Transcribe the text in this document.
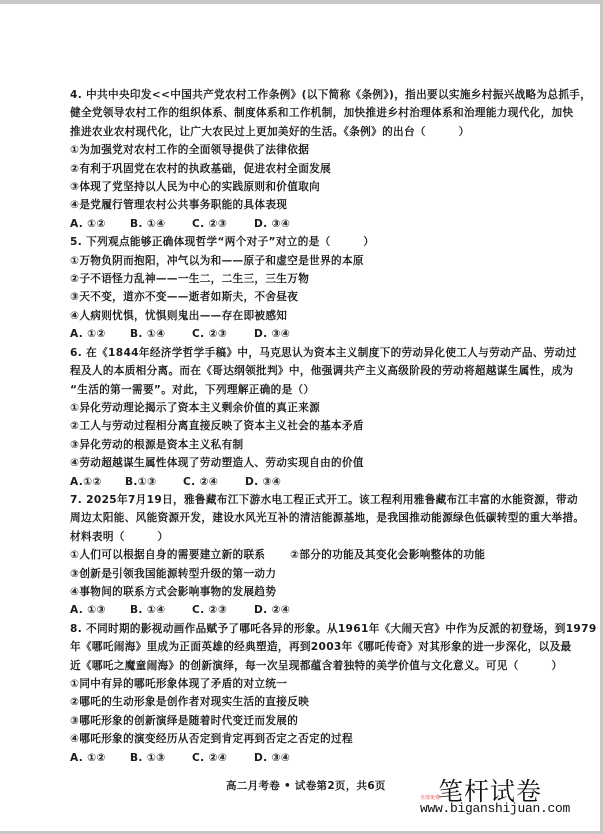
4. 中共中央印发<<中国共产党农村工作条例》(以下简称《条例》)，指出要以实施乡村振兴战略为总抓手，
健全党领导农村工作的组织体系、制度体系和工作机制，加快推进乡村治理体系和治理能力现代化，加快
推进农业农村现代化，让广大农民过上更加美好的生活。《条例》的出台（　　　）
①为加强党对农村工作的全面领导提供了法律依据
②有利于巩固党在农村的执政基础，促进农村全面发展
③体现了党坚持以人民为中心的实践原则和价值取向
④是党履行管理农村公共事务职能的具体表现
A. ①②	B. ①④	C. ②③	D. ③④
5. 下列观点能够正确体现哲学“两个对子”对立的是（　　　）
①万物负阴而抱阳，冲气以为和——原子和虚空是世界的本原
②子不语怪力乱神——一生二，二生三，三生万物
③天不变，道亦不变——逝者如斯夫，不舍昼夜
④人病则忧惧，忧惧则鬼出——存在即被感知
A. ①②	B. ①④	C. ②③	D. ③④
6. 在《1844年经济学哲学手稿》中，马克思认为资本主义制度下的劳动异化使工人与劳动产品、劳动过
程及人的本质相分离。而在《哥达纲领批判》中，他强调共产主义高级阶段的劳动将超越谋生属性，成为
“生活的第一需要”。对此，下列理解正确的是（）
①异化劳动理论揭示了资本主义剩余价值的真正来源
②工人与劳动过程相分离直接反映了资本主义社会的基本矛盾
③异化劳动的根源是资本主义私有制
④劳动超越谋生属性体现了劳动塑造人、劳动实现自由的价值
A.①②	B.①③	C. ②④	D. ③④
7. 2025年7月19日，雅鲁藏布江下游水电工程正式开工。该工程利用雅鲁藏布江丰富的水能资源，带动
周边太阳能、风能资源开发，建设水风光互补的清洁能源基地，是我国推动能源绿色低碳转型的重大举措。
材料表明（　　　）
①人们可以根据自身的需要建立新的联系	②部分的功能及其变化会影响整体的功能
③创新是引领我国能源转型升级的第一动力
④事物间的联系方式会影响事物的发展趋势
A. ①③	B. ①④	C. ②③	D. ②④
8. 不同时期的影视动画作品赋予了哪吒各异的形象。从1961年《大闹天宫》中作为反派的初登场，到1979
年《哪吒闹海》里成为正面英雄的经典塑造，再到2003年《哪吒传奇》对其形象的进一步深化，以及最
近《哪吒之魔童闹海》的创新演绎，每一次呈现都蕴含着独特的美学价值与文化意义。可见（　　　）
①同中有异的哪吒形象体现了矛盾的对立统一
②哪吒的生动形象是创作者对现实生活的直接反映
③哪吒形象的创新演绎是随着时代变迁而发展的
④哪吒形象的演变经历从否定到肯定再到否定之否定的过程
A. ①②	B. ①③	C. ②④	D. ③④
高二月考卷 • 试卷第2页，共6页 笔杆试卷
全部免费
www.biganshijuan.com
